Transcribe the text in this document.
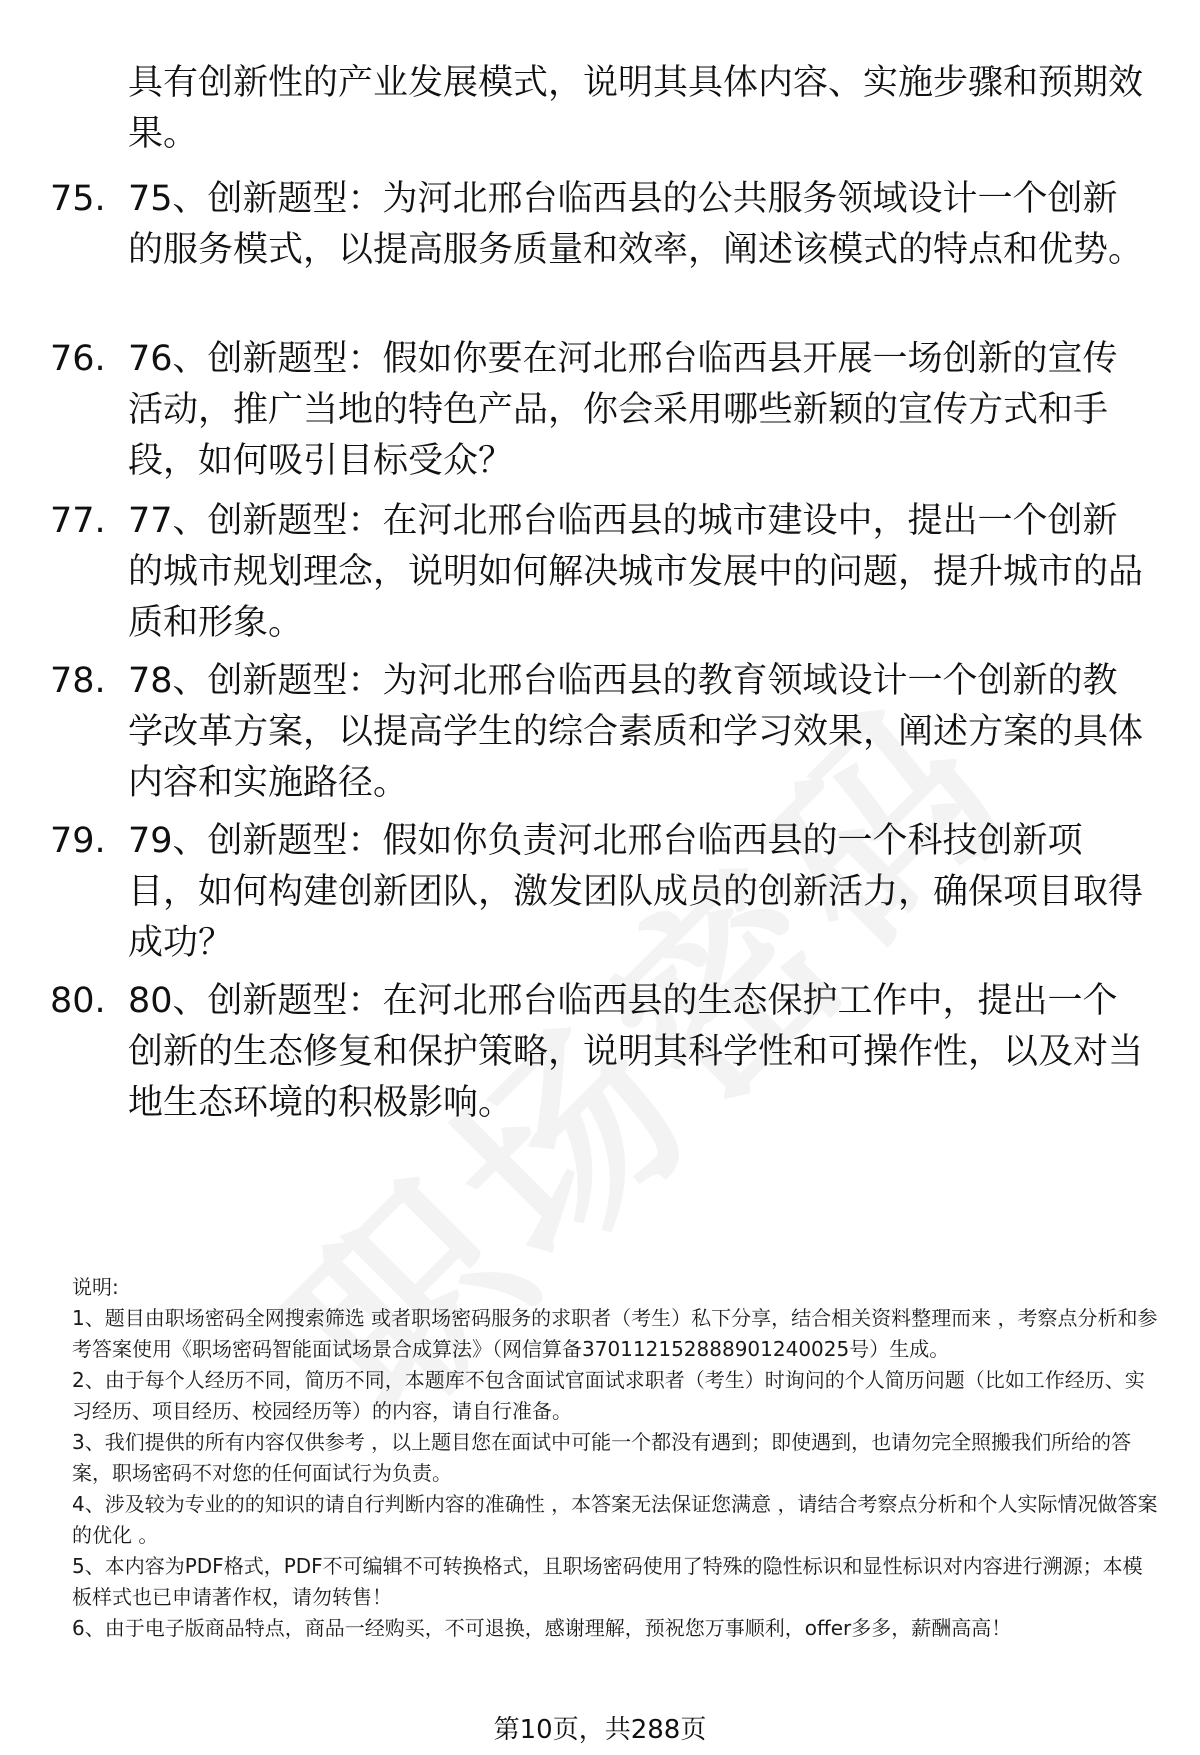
具有创新性的产业发展模式，说明其具体内容、实施步骤和预期效果。
75. 75、创新题型：为河北邢台临西县的公共服务领域设计一个创新的服务模式，以提高服务质量和效率，阐述该模式的特点和优势。
76. 76、创新题型：假如你要在河北邢台临西县开展一场创新的宣传活动，推广当地的特色产品，你会采用哪些新颖的宣传方式和手段，如何吸引目标受众？
77. 77、创新题型：在河北邢台临西县的城市建设中，提出一个创新的城市规划理念，说明如何解决城市发展中的问题，提升城市的品质和形象。
78. 78、创新题型：为河北邢台临西县的教育领域设计一个创新的教学改革方案，以提高学生的综合素质和学习效果，阐述方案的具体内容和实施路径。
79. 79、创新题型：假如你负责河北邢台临西县的一个科技创新项目，如何构建创新团队，激发团队成员的创新活力，确保项目取得成功？
80. 80、创新题型：在河北邢台临西县的生态保护工作中，提出一个创新的生态修复和保护策略，说明其科学性和可操作性，以及对当地生态环境的积极影响。

说明:

1、题目由职场密码全网搜索筛选 或者职场密码服务的求职者（考生）私下分享，结合相关资料整理而来 ，考察点分析和参考答案使用《职场密码智能面试场景合成算法》（网信算备370112152888901240025号）生成。

2、由于每个人经历不同，简历不同，本题库不包含面试官面试求职者（考生）时询问的个人简历问题（比如工作经历、实习经历、项目经历、校园经历等）的内容，请自行准备。

3、我们提供的所有内容仅供参考 ，以上题目您在面试中可能一个都没有遇到；即使遇到，也请勿完全照搬我们所给的答案，职场密码不对您的任何面试行为负责。

4、涉及较为专业的的知识的请自行判断内容的准确性 ，本答案无法保证您满意 ，请结合考察点分析和个人实际情况做答案的优化 。

5、本内容为PDF格式，PDF不可编辑不可转换格式，且职场密码使用了特殊的隐性标识和显性标识对内容进行溯源；本模板样式也已申请著作权，请勿转售！

6、由于电子版商品特点，商品一经购买，不可退换，感谢理解，预祝您万事顺利，offer多多，薪酬高高！

第10页，共288页
